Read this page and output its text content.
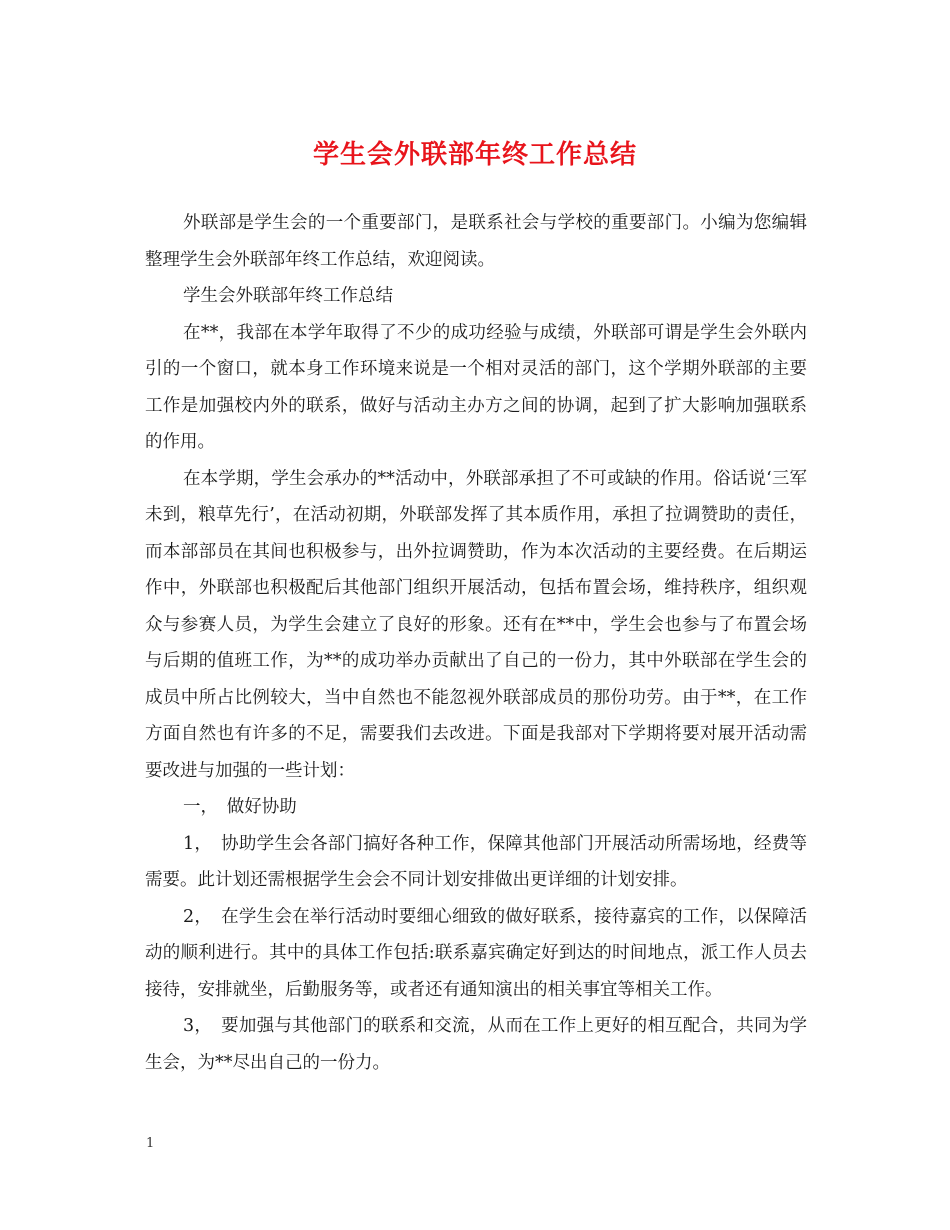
学生会外联部年终工作总结

外联部是学生会的一个重要部门，是联系社会与学校的重要部门。小编为您编辑整理学生会外联部年终工作总结，欢迎阅读。

学生会外联部年终工作总结

在**，我部在本学年取得了不少的成功经验与成绩，外联部可谓是学生会外联内引的一个窗口，就本身工作环境来说是一个相对灵活的部门，这个学期外联部的主要工作是加强校内外的联系，做好与活动主办方之间的协调，起到了扩大影响加强联系的作用。

在本学期，学生会承办的**活动中，外联部承担了不可或缺的作用。俗话说‘三军未到，粮草先行’，在活动初期，外联部发挥了其本质作用，承担了拉调赞助的责任，而本部部员在其间也积极参与，出外拉调赞助，作为本次活动的主要经费。在后期运作中，外联部也积极配后其他部门组织开展活动，包括布置会场，维持秩序，组织观众与参赛人员，为学生会建立了良好的形象。还有在**中，学生会也参与了布置会场与后期的值班工作，为**的成功举办贡献出了自己的一份力，其中外联部在学生会的成员中所占比例较大，当中自然也不能忽视外联部成员的那份功劳。由于**，在工作方面自然也有许多的不足，需要我们去改进。下面是我部对下学期将要对展开活动需要改进与加强的一些计划：

一，　做好协助

1，　协助学生会各部门搞好各种工作，保障其他部门开展活动所需场地，经费等需要。此计划还需根据学生会会不同计划安排做出更详细的计划安排。

2，　在学生会在举行活动时要细心细致的做好联系，接待嘉宾的工作，以保障活动的顺利进行。其中的具体工作包括:联系嘉宾确定好到达的时间地点，派工作人员去接待，安排就坐，后勤服务等，或者还有通知演出的相关事宜等相关工作。

3，　要加强与其他部门的联系和交流，从而在工作上更好的相互配合，共同为学生会，为**尽出自己的一份力。

1
